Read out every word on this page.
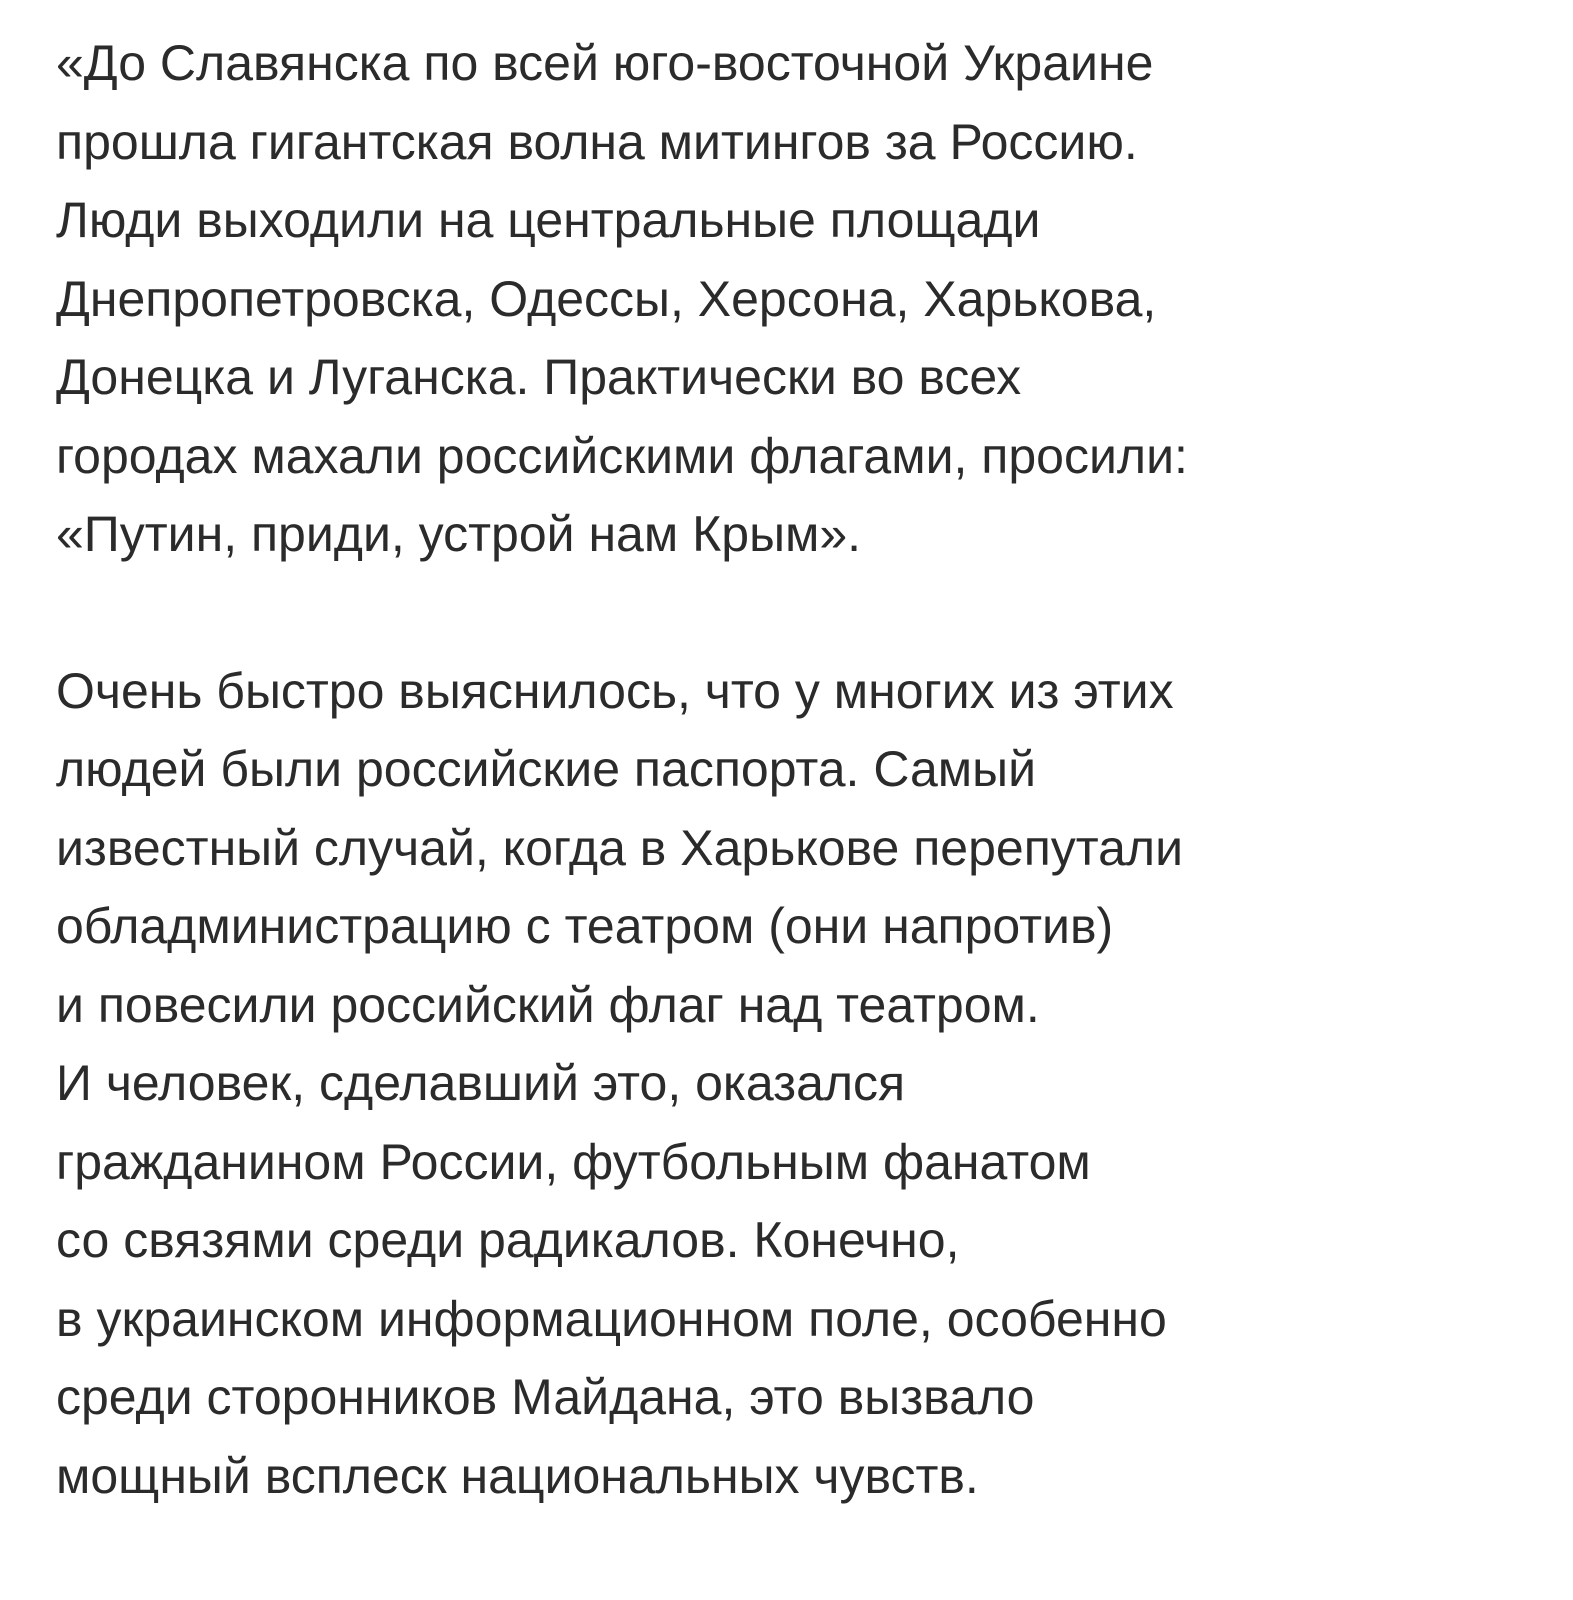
«До Славянска по всей юго-восточной Украине
прошла гигантская волна митингов за Россию.
Люди выходили на центральные площади
Днепропетровска, Одессы, Херсона, Харькова,
Донецка и Луганска. Практически во всех
городах махали российскими флагами, просили:
«Путин, приди, устрой нам Крым».
Очень быстро выяснилось, что у многих из этих
людей были российские паспорта. Самый
известный случай, когда в Харькове перепутали
обладминистрацию с театром (они напротив)
и повесили российский флаг над театром.
И человек, сделавший это, оказался
гражданином России, футбольным фанатом
со связями среди радикалов. Конечно,
в украинском информационном поле, особенно
среди сторонников Майдана, это вызвало
мощный всплеск национальных чувств.
